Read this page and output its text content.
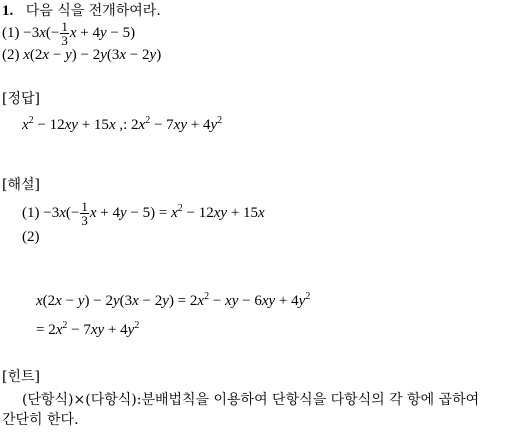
1. 다음 식을 전개하여라.
$(1) -3x(- \frac{1}{3}$ x + 4y − 5)
(2) x(2x − y) − 2y(3x − 2y)
[정답]
$x^2 - 12xy + 15x$ ,: $2x^2 - 7xy + 4y^2$
[해설]
$(1) -3x(- \frac{1}{3}$ $x + 4y - 5) = x^2 - 12xy + 15x$
(2)
$x(2x - y) - 2y(3x - 2y) = 2x^2$ − xy − $6xy + 4y^2$
= $2x^2 - 7xy + 4y^2$
[힌트]
(단항식)×(다항식):분배법칙을 이용하여 단항식을 다항식의 각 항에 곱하여
간단히 한다.
